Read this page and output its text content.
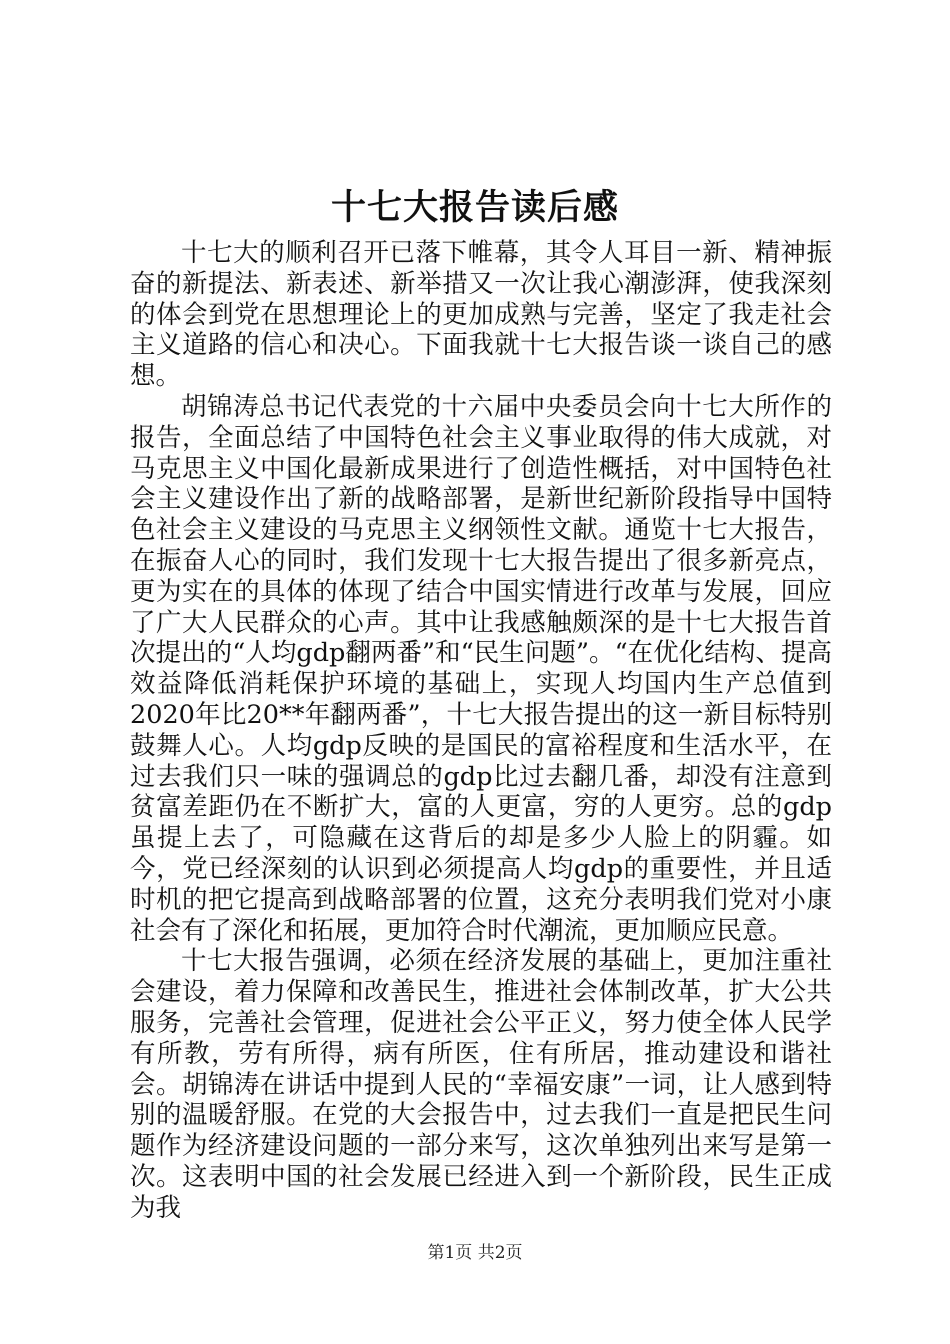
十七大报告读后感

十七大的顺利召开已落下帷幕，其令人耳目一新、精神振奋的新提法、新表述、新举措又一次让我心潮澎湃，使我深刻的体会到党在思想理论上的更加成熟与完善，坚定了我走社会主义道路的信心和决心。下面我就十七大报告谈一谈自己的感想。

胡锦涛总书记代表党的十六届中央委员会向十七大所作的报告，全面总结了中国特色社会主义事业取得的伟大成就，对马克思主义中国化最新成果进行了创造性概括，对中国特色社会主义建设作出了新的战略部署，是新世纪新阶段指导中国特色社会主义建设的马克思主义纲领性文献。通览十七大报告，在振奋人心的同时，我们发现十七大报告提出了很多新亮点，更为实在的具体的体现了结合中国实情进行改革与发展，回应了广大人民群众的心声。其中让我感触颇深的是十七大报告首次提出的“人均gdp翻两番”和“民生问题”。“在优化结构、提高效益降低消耗保护环境的基础上，实现人均国内生产总值到2020年比20**年翻两番”，十七大报告提出的这一新目标特别鼓舞人心。人均gdp反映的是国民的富裕程度和生活水平，在过去我们只一味的强调总的gdp比过去翻几番，却没有注意到贫富差距仍在不断扩大，富的人更富，穷的人更穷。总的gdp虽提上去了，可隐藏在这背后的却是多少人脸上的阴霾。如今，党已经深刻的认识到必须提高人均gdp的重要性，并且适时机的把它提高到战略部署的位置，这充分表明我们党对小康社会有了深化和拓展，更加符合时代潮流，更加顺应民意。

十七大报告强调，必须在经济发展的基础上，更加注重社会建设，着力保障和改善民生，推进社会体制改革，扩大公共服务，完善社会管理，促进社会公平正义，努力使全体人民学有所教，劳有所得，病有所医，住有所居，推动建设和谐社会。胡锦涛在讲话中提到人民的“幸福安康”一词，让人感到特别的温暖舒服。在党的大会报告中，过去我们一直是把民生问题作为经济建设问题的一部分来写，这次单独列出来写是第一次。这表明中国的社会发展已经进入到一个新阶段，民生正成为我

第1页 共2页
